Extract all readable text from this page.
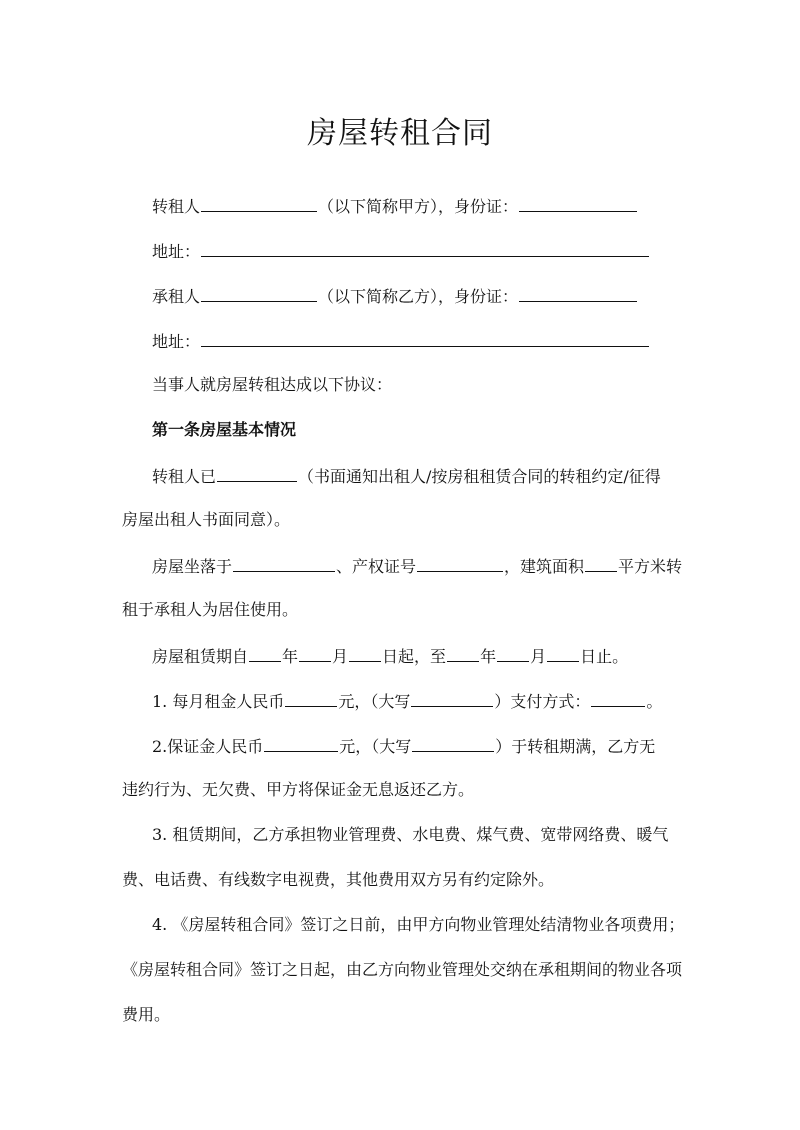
房屋转租合同
转租人	（以下简称甲方），身份证：
地址：
承租人	（以下简称乙方），身份证：
地址：
当事人就房屋转租达成以下协议：
第一条房屋基本情况
转租人已	（书面通知出租人/按房租租赁合同的转租约定/征得
房屋出租人书面同意）。
房屋坐落于	、产权证号	，建筑面积 平方米转
租于承租人为居住使用。
房屋租赁期自 年 月 日起，至 年 月 日止。
1. 每月租金人民币	元，（大写	）支付方式：	。
2.保证金人民币	元，（大写	）于转租期满，乙方无
违约行为、无欠费、甲方将保证金无息返还乙方。
3. 租赁期间，乙方承担物业管理费、水电费、煤气费、宽带网络费、暖气
费、电话费、有线数字电视费，其他费用双方另有约定除外。
4. 《房屋转租合同》签订之日前，由甲方向物业管理处结清物业各项费用；
《房屋转租合同》签订之日起，由乙方向物业管理处交纳在承租期间的物业各项
费用。
